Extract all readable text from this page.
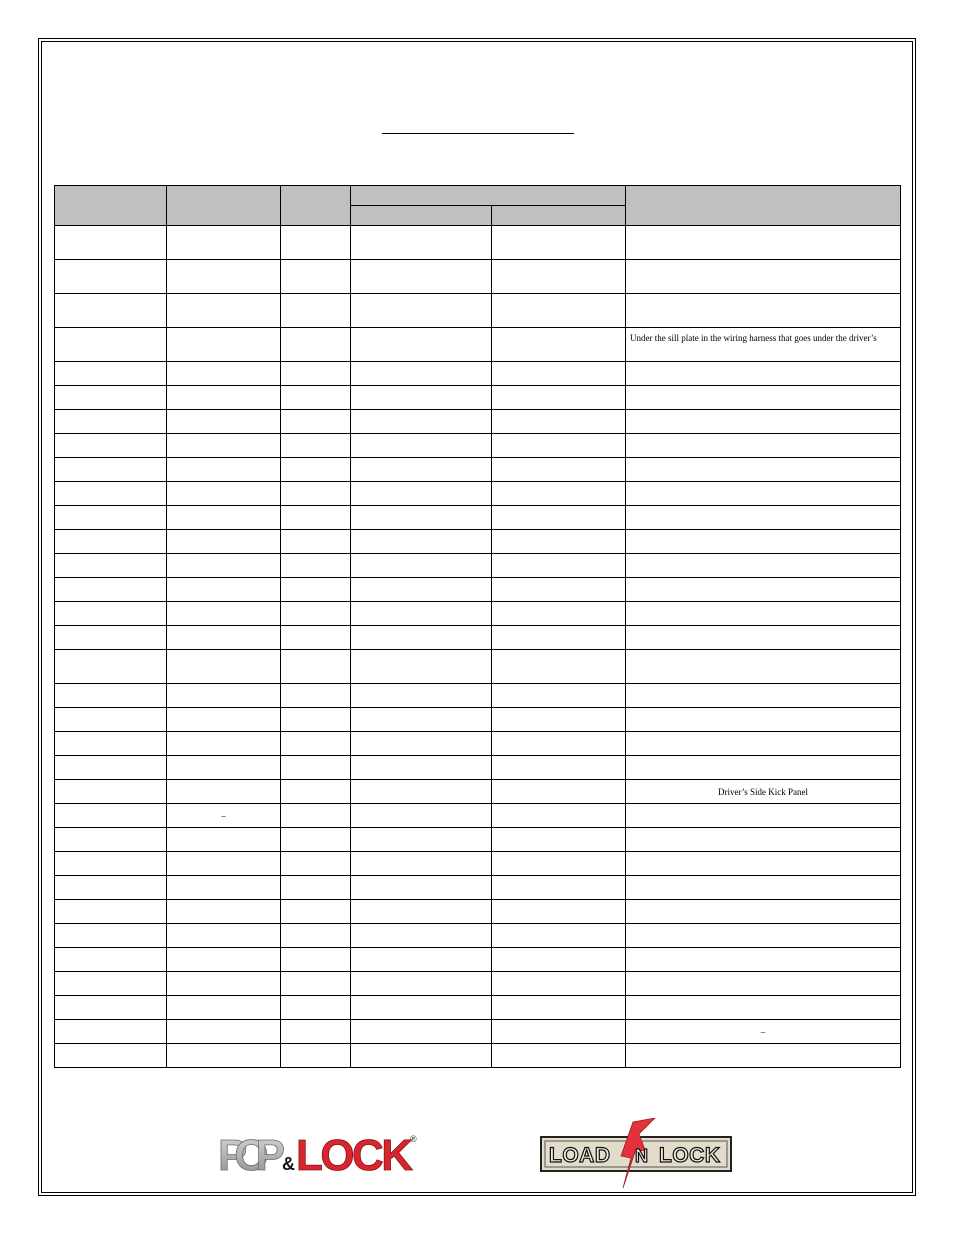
					Under the sill plate in the wiring harness that goes under the driver’s

					Driver’s Side Kick Panel
	–				

					–

POP & LOCK ®
LOAD N LOCK
